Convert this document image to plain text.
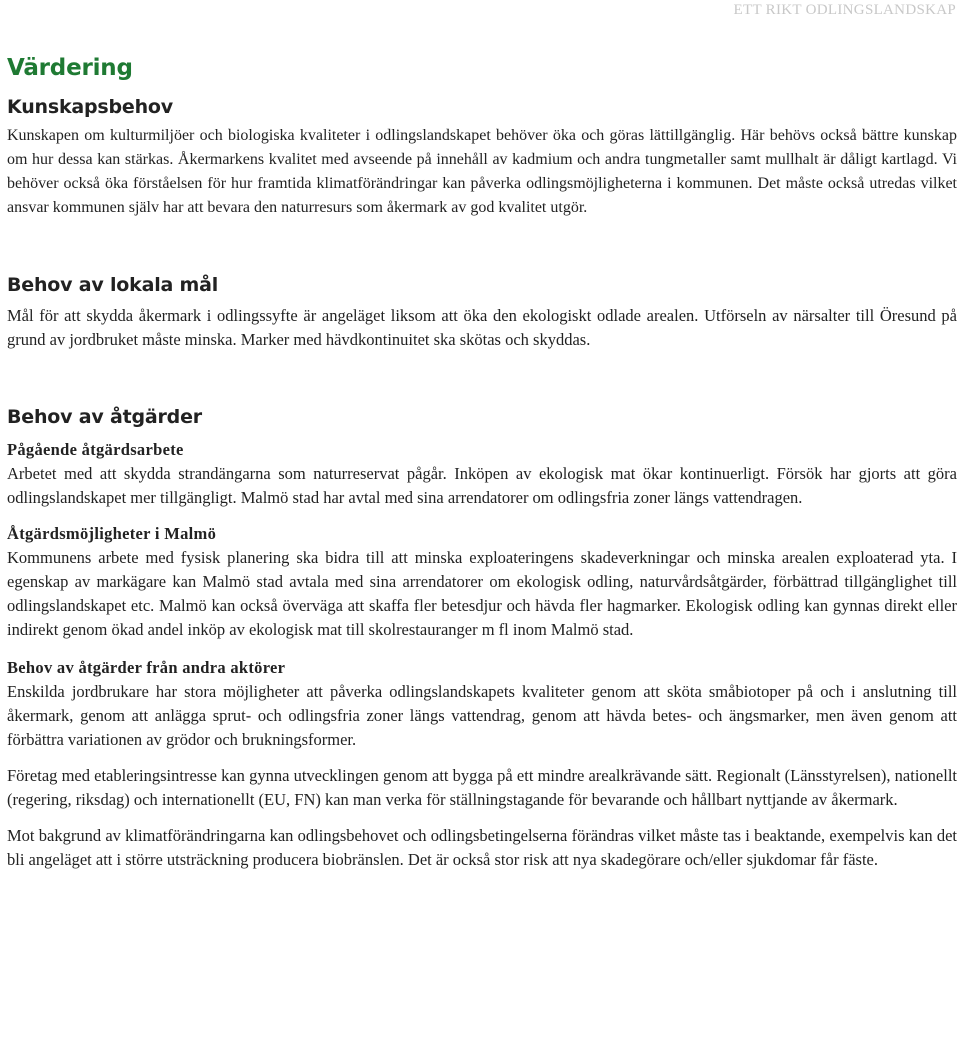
ETT RIKT ODLINGSLANDSKAP
Värdering
Kunskapsbehov

Kunskapen om kulturmiljöer och biologiska kvaliteter i odlingslandskapet behöver öka och göras lättillgänglig. Här behövs också bättre kunskap om hur dessa kan stärkas. Åkermarkens kvalitet med avseende på innehåll av kadmium och andra tungmetaller samt mullhalt är dåligt kartlagd. Vi behöver också öka förståelsen för hur framtida klimatförändringar kan påverka odlingsmöjligheterna i kommunen. Det måste också utredas vilket ansvar kommunen själv har att bevara den naturresurs som åkermark av god kvalitet utgör.

Behov av lokala mål

Mål för att skydda åkermark i odlingssyfte är angeläget liksom att öka den ekologiskt odlade arealen. Utförseln av närsalter till Öresund på grund av jordbruket måste minska. Marker med hävdkontinuitet ska skötas och skyddas.

Behov av åtgärder
Pågående åtgärdsarbete

Arbetet med att skydda strandängarna som naturreservat pågår. Inköpen av ekologisk mat ökar kontinuerligt. Försök har gjorts att göra odlingslandskapet mer tillgängligt. Malmö stad har avtal med sina arrendatorer om odlingsfria zoner längs vattendragen.

Åtgärdsmöjligheter i Malmö

Kommunens arbete med fysisk planering ska bidra till att minska exploateringens skadeverkningar och minska arealen exploaterad yta. I egenskap av markägare kan Malmö stad avtala med sina arrendatorer om ekologisk odling, naturvårdsåtgärder, förbättrad tillgänglighet till odlingslandskapet etc. Malmö kan också överväga att skaffa fler betesdjur och hävda fler hagmarker. Ekologisk odling kan gynnas direkt eller indirekt genom ökad andel inköp av ekologisk mat till skolrestauranger m fl inom Malmö stad.

Behov av åtgärder från andra aktörer

Enskilda jordbrukare har stora möjligheter att påverka odlingslandskapets kvaliteter genom att sköta småbiotoper på och i anslutning till åkermark, genom att anlägga sprut- och odlingsfria zoner längs vattendrag, genom att hävda betes- och ängsmarker, men även genom att förbättra variationen av grödor och brukningsformer.

Företag med etableringsintresse kan gynna utvecklingen genom att bygga på ett mindre arealkrävande sätt. Regionalt (Länsstyrelsen), nationellt (regering, riksdag) och internationellt (EU, FN) kan man verka för ställningstagande för bevarande och hållbart nyttjande av åkermark.

Mot bakgrund av klimatförändringarna kan odlingsbehovet och odlingsbetingelserna förändras vilket måste tas i beaktande, exempelvis kan det bli angeläget att i större utsträckning producera biobränslen. Det är också stor risk att nya skadegörare och/eller sjukdomar får fäste.
